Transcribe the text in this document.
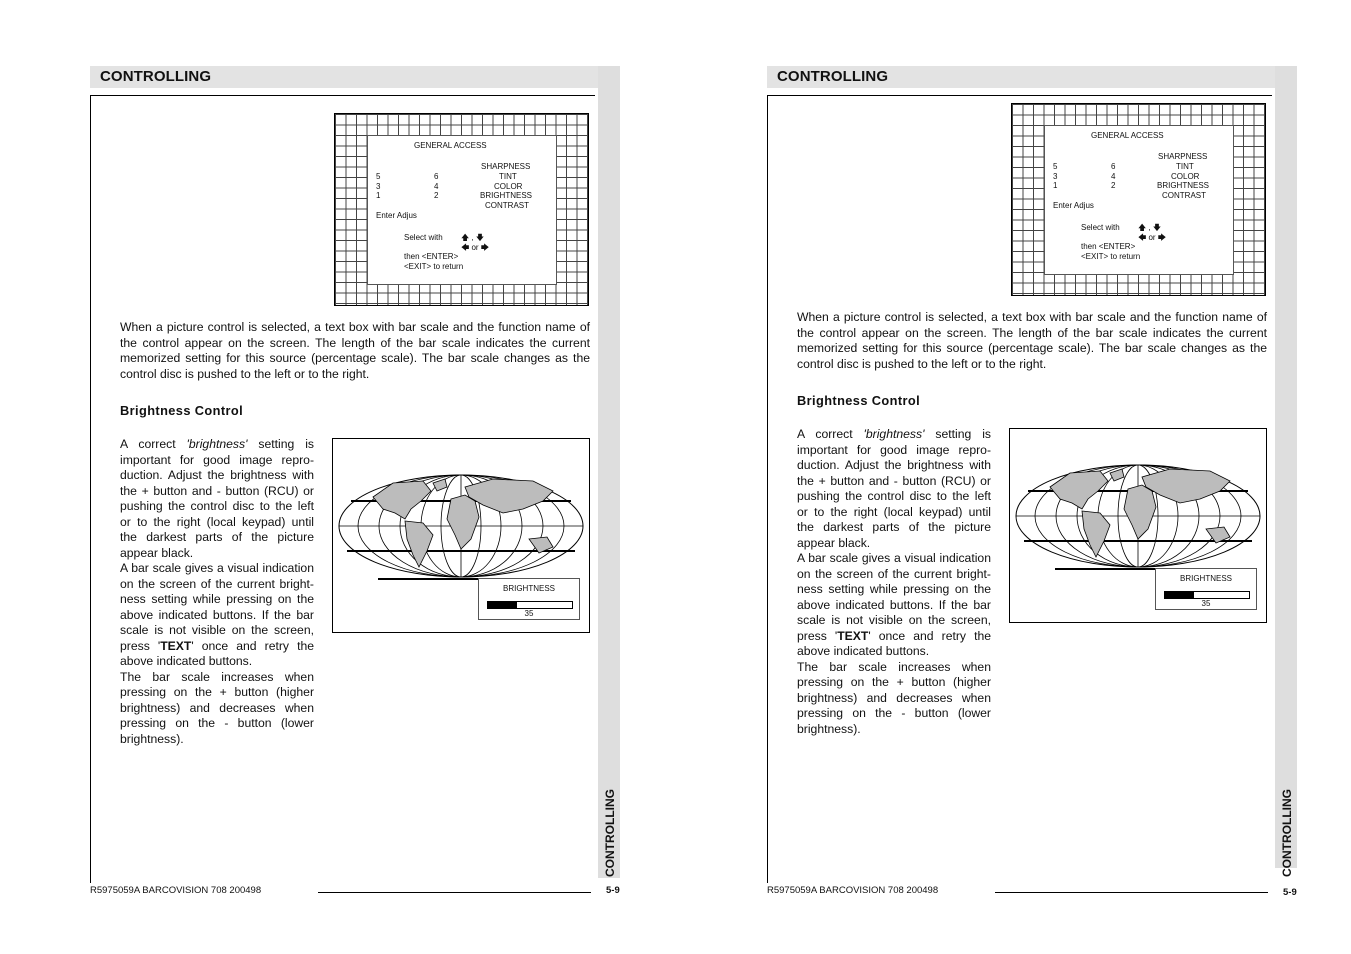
CONTROLLING
CONTROLLING
GENERAL ACCESS
SHARPNESS
TINT
COLOR
BRIGHTNESS
CONTRAST
5
3
1
6
4
2
Enter Adjus
Select with 🡅 , 🡇
🡄 or 🡆
then <ENTER>
<EXIT> to return
When a picture control is selected, a text box with bar scale and the function name of the control appear on the screen. The length of the bar scale indicates the current memorized setting for this source (percentage scale). The bar scale changes as the control disc is pushed to the left or to the right.
Brightness Control

A correct 'brightness' setting is important for good image repro-duction. Adjust the brightness with the + button and - button (RCU) or pushing the control disc to the left or to the right (local keypad) until the darkest parts of the picture appear black.

A bar scale gives a visual indication on the screen of the current bright-ness setting while pressing on the above indicated buttons. If the bar scale is not visible on the screen, press 'TEXT' once and retry the above indicated buttons.

The bar scale increases when pressing on the + button (higher brightness) and decreases when pressing on the - button (lower brightness).

BRIGHTNESS
35
R5975059A BARCOVISION 708 200498	5-9
CONTROLLING
CONTROLLING
GENERAL ACCESS
SHARPNESS
TINT
COLOR
BRIGHTNESS
CONTRAST
5
3
1
6
4
2
Enter Adjus
Select with 🡅 , 🡇
🡄 or 🡆
then <ENTER>
<EXIT> to return
When a picture control is selected, a text box with bar scale and the function name of the control appear on the screen. The length of the bar scale indicates the current memorized setting for this source (percentage scale). The bar scale changes as the control disc is pushed to the left or to the right.
Brightness Control

A correct 'brightness' setting is important for good image repro-duction. Adjust the brightness with the + button and - button (RCU) or pushing the control disc to the left or to the right (local keypad) until the darkest parts of the picture appear black.

A bar scale gives a visual indication on the screen of the current bright-ness setting while pressing on the above indicated buttons. If the bar scale is not visible on the screen, press 'TEXT' once and retry the above indicated buttons.

The bar scale increases when pressing on the + button (higher brightness) and decreases when pressing on the - button (lower brightness).

BRIGHTNESS
35
R5975059A BARCOVISION 708 200498	5-9
